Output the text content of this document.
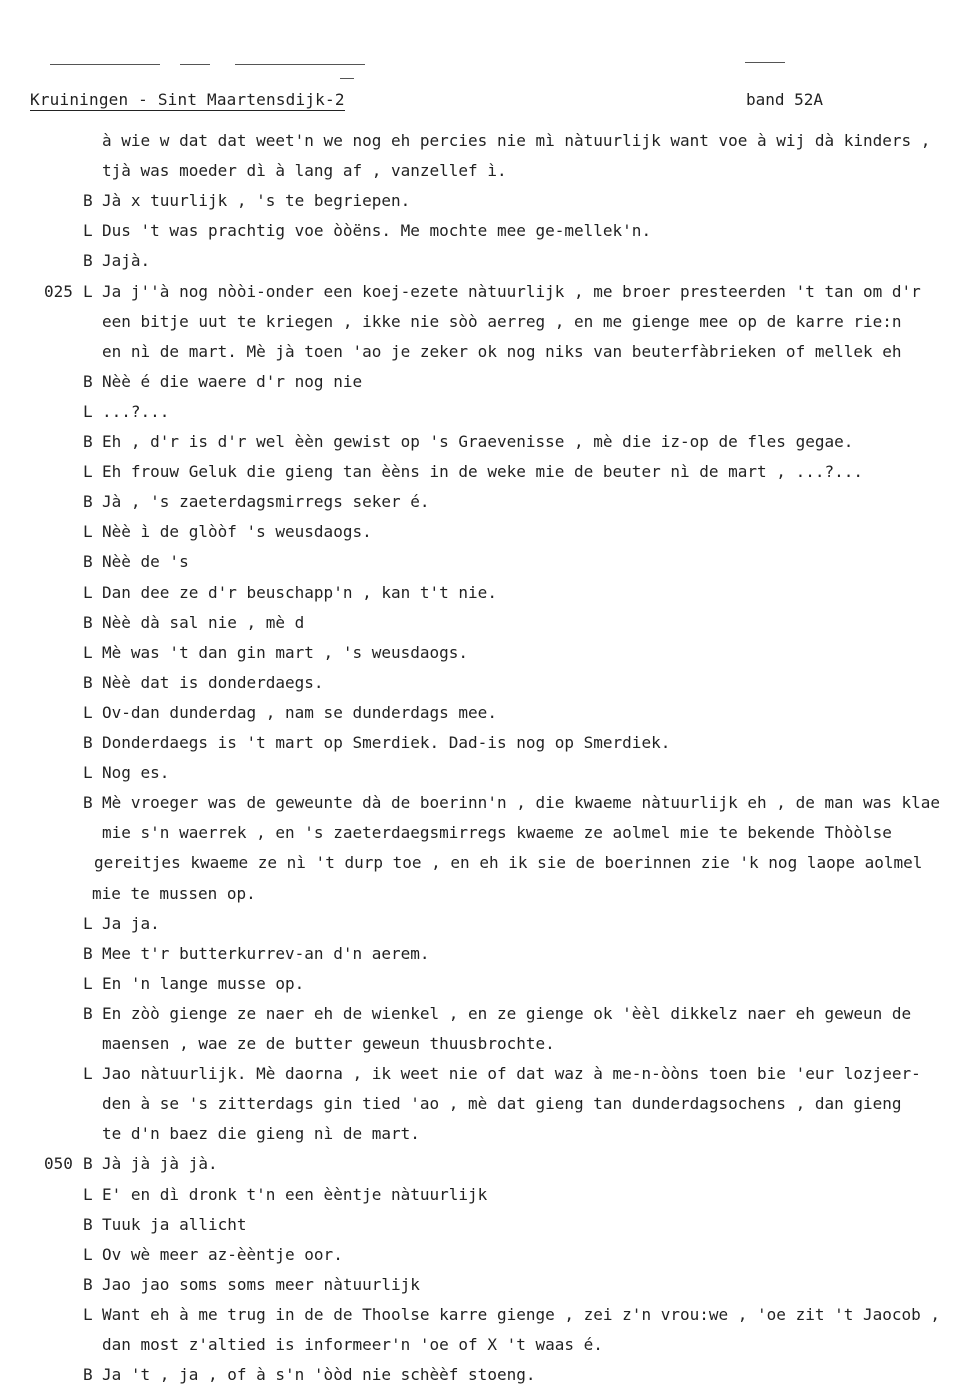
Kruiningen - Sint Maartensdijk-2	band 52A
à wie w dat dat weet'n we nog eh percies nie mì nàtuurlijk want voe à wij dà kinders ,
tjà was moeder dì à lang af , vanzellef ì.
B Jà x tuurlijk , 's te begriepen.
L Dus 't was prachtig voe òòëns. Me mochte mee ge-mellek'n.
B Jajà.
025 L Ja j''à nog nòòi-onder een koej-ezete nàtuurlijk , me broer presteerden 't tan om d'r
een bitje uut te kriegen , ikke nie sòò aerreg , en me gienge mee op de karre rie:n
en nì de mart. Mè jà toen 'ao je zeker ok nog niks van beuterfàbrieken of mellek eh
B Nèè é die waere d'r nog nie
L ...?...
B Eh , d'r is d'r wel èèn gewist op 's Graevenisse , mè die iz-op de fles gegae.
L Eh frouw Geluk die gieng tan èèns in de weke mie de beuter nì de mart , ...?...
B Jà , 's zaeterdagsmirregs seker é.
L Nèè ì de glòòf 's weusdaogs.
B Nèè de 's
L Dan dee ze d'r beuschapp'n , kan t't nie.
B Nèè dà sal nie , mè d
L Mè was 't dan gin mart , 's weusdaogs.
B Nèè dat is donderdaegs.
L Ov-dan dunderdag , nam se dunderdags mee.
B Donderdaegs is 't mart op Smerdiek. Dad-is nog op Smerdiek.
L Nog es.
B Mè vroeger was de geweunte dà de boerinn'n , die kwaeme nàtuurlijk eh , de man was klae
mie s'n waerrek , en 's zaeterdaegsmirregs kwaeme ze aolmel mie te bekende Thòòlse
gereitjes kwaeme ze nì 't durp toe , en eh ik sie de boerinnen zie 'k nog laope aolmel
mie te mussen op.
L Ja ja.
B Mee t'r butterkurrev-an d'n aerem.
L En 'n lange musse op.
B En zòò gienge ze naer eh de wienkel , en ze gienge ok 'èèl dikkelz naer eh geweun de
maensen , wae ze de butter geweun thuusbrochte.
L Jao nàtuurlijk. Mè daorna , ik weet nie of dat waz à me-n-òòns toen bie 'eur lozjeer-
den à se 's zitterdags gin tied 'ao , mè dat gieng tan dunderdagsochens , dan gieng
te d'n baez die gieng nì de mart.
050 B Jà jà jà jà.
L E' en dì dronk t'n een èèntje nàtuurlijk
B Tuuk ja allicht
L Ov wè meer az-èèntje oor.
B Jao jao soms soms meer nàtuurlijk
L Want eh à me trug in de de Thoolse karre gienge , zei z'n vrou:we , 'oe zit 't Jaocob ,
dan most z'altied is informeer'n 'oe of X 't waas é.
B Ja 't , ja , of à s'n 'òòd nie schèèf stoeng.
